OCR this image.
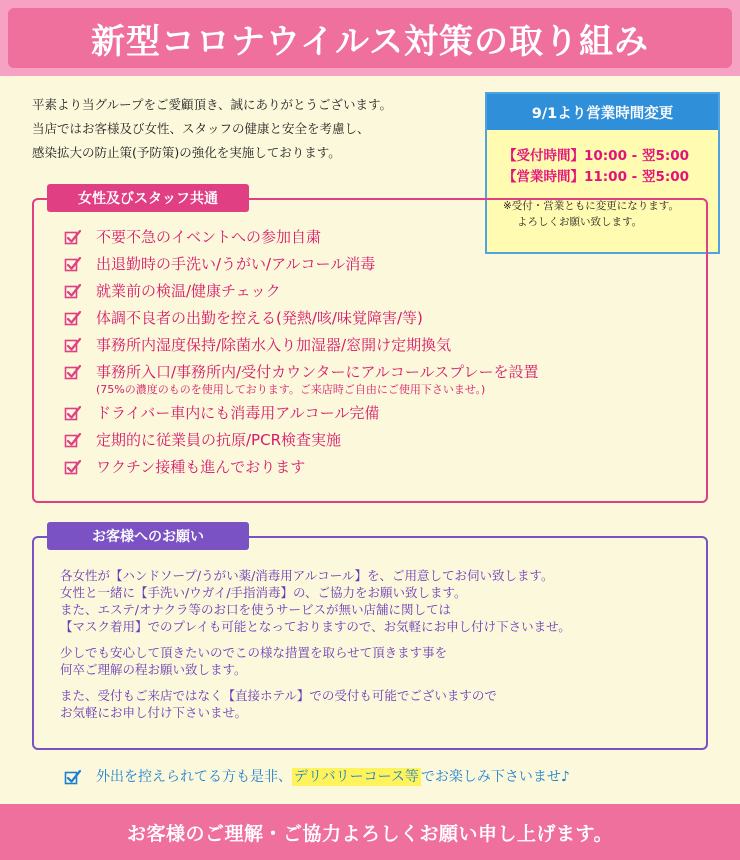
新型コロナウイルス対策の取り組み

平素より当グループをご愛顧頂き、誠にありがとうございます。

当店ではお客様及び女性、スタッフの健康と安全を考慮し、

感染拡大の防止策(予防策)の強化を実施しております。

9/1より営業時間変更
【受付時間】10:00 - 翌5:00
【営業時間】11:00 - 翌5:00
※受付・営業ともに変更になります。
よろしくお願い致します。
女性及びスタッフ共通
不要不急のイベントへの参加自粛
出退勤時の手洗い/うがい/アルコール消毒
就業前の検温/健康チェック
体調不良者の出勤を控える(発熱/咳/味覚障害/等)
事務所内湿度保持/除菌水入り加湿器/窓開け定期換気
事務所入口/事務所内/受付カウンターにアルコールスプレーを設置
(75%の濃度のものを使用しております。ご来店時ご自由にご使用下さいませ。)
ドライバー車内にも消毒用アルコール完備
定期的に従業員の抗原/PCR検査実施
ワクチン接種も進んでおります
お客様へのお願い
各女性が【ハンドソープ/うがい薬/消毒用アルコール】を、ご用意してお伺い致します。
女性と一緒に【手洗い/ウガイ/手指消毒】の、ご協力をお願い致します。
また、エステ/オナクラ等のお口を使うサービスが無い店舗に関しては
【マスク着用】でのプレイも可能となっておりますので、お気軽にお申し付け下さいませ。
少しでも安心して頂きたいのでこの様な措置を取らせて頂きます事を
何卒ご理解の程お願い致します。
また、受付もご来店ではなく【直接ホテル】での受付も可能でございますので
お気軽にお申し付け下さいませ。
外出を控えられてる方も是非、 デリバリーコース等 でお楽しみ下さいませ♪
お客様のご理解・ご協力よろしくお願い申し上げます。
